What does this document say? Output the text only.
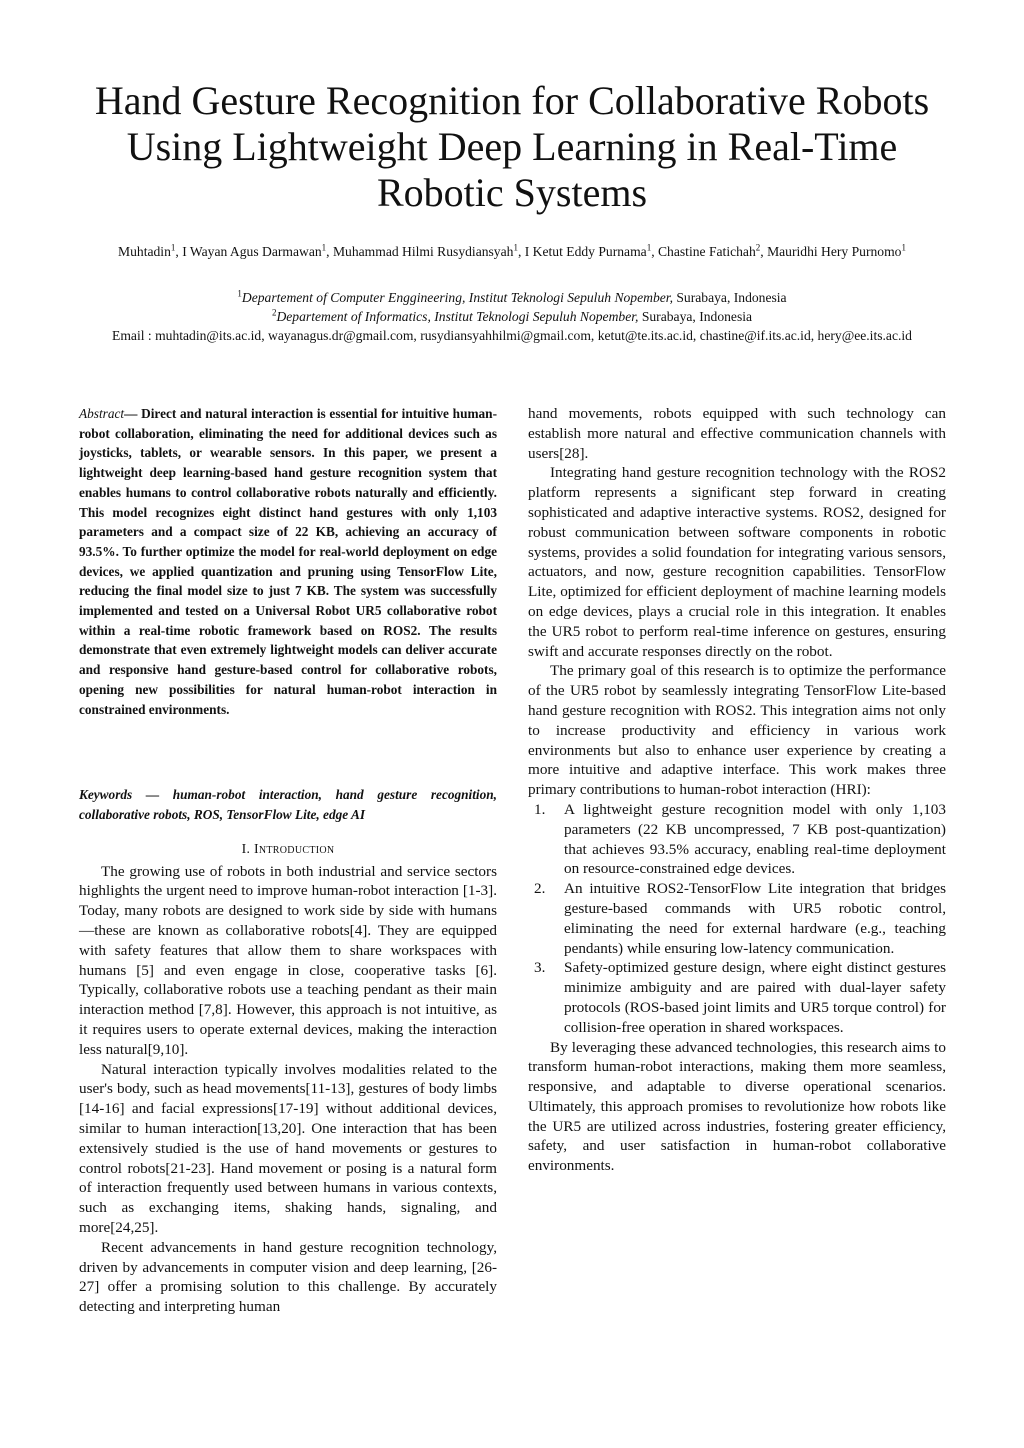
Hand Gesture Recognition for Collaborative Robots
Using Lightweight Deep Learning in Real-Time
Robotic Systems
Muhtadin$^1$, I Wayan Agus Darmawan$^1$, Muhammad Hilmi Rusydiansyah$^1$, I Ketut Eddy Purnama$^1$, Chastine Fatichah$^2$, Mauridhi Hery Purnomo$^1$
$^1$Departement of Computer Enggineering, Institut Teknologi Sepuluh Nopember, Surabaya, Indonesia
$^2$Departement of Informatics, Institut Teknologi Sepuluh Nopember, Surabaya, Indonesia
Email : muhtadin@its.ac.id, wayanagus.dr@gmail.com, rusydiansyahhilmi@gmail.com, ketut@te.its.ac.id, chastine@if.its.ac.id, hery@ee.its.ac.id

Abstract— Direct and natural interaction is essential for intuitive human-robot collaboration, eliminating the need for additional devices such as joysticks, tablets, or wearable sensors. In this paper, we present a lightweight deep learning-based hand gesture recognition system that enables humans to control collaborative robots naturally and efficiently. This model recognizes eight distinct hand gestures with only 1,103 parameters and a compact size of 22 KB, achieving an accuracy of 93.5%. To further optimize the model for real-world deployment on edge devices, we applied quantization and pruning using TensorFlow Lite, reducing the final model size to just 7 KB. The system was successfully implemented and tested on a Universal Robot UR5 collaborative robot within a real-time robotic framework based on ROS2. The results demonstrate that even extremely lightweight models can deliver accurate and responsive hand gesture-based control for collaborative robots, opening new possibilities for natural human-robot interaction in constrained environments.

Keywords — human-robot interaction, hand gesture recognition, collaborative robots, ROS, TensorFlow Lite, edge AI

I. Introduction

The growing use of robots in both industrial and service sectors highlights the urgent need to improve human-robot interaction [1-3]. Today, many robots are designed to work side by side with humans—these are known as collaborative robots[4]. They are equipped with safety features that allow them to share workspaces with humans [5] and even engage in close, cooperative tasks [6]. Typically, collaborative robots use a teaching pendant as their main interaction method [7,8]. However, this approach is not intuitive, as it requires users to operate external devices, making the interaction less natural[9,10].

Natural interaction typically involves modalities related to the user's body, such as head movements[11-13], gestures of body limbs [14-16] and facial expressions[17-19] without additional devices, similar to human interaction[13,20]. One interaction that has been extensively studied is the use of hand movements or gestures to control robots[21-23]. Hand movement or posing is a natural form of interaction frequently used between humans in various contexts, such as exchanging items, shaking hands, signaling, and more[24,25].

Recent advancements in hand gesture recognition technology, driven by advancements in computer vision and deep learning, [26-27] offer a promising solution to this challenge. By accurately detecting and interpreting human

hand movements, robots equipped with such technology can establish more natural and effective communication channels with users[28].

Integrating hand gesture recognition technology with the ROS2 platform represents a significant step forward in creating sophisticated and adaptive interactive systems. ROS2, designed for robust communication between software components in robotic systems, provides a solid foundation for integrating various sensors, actuators, and now, gesture recognition capabilities. TensorFlow Lite, optimized for efficient deployment of machine learning models on edge devices, plays a crucial role in this integration. It enables the UR5 robot to perform real-time inference on gestures, ensuring swift and accurate responses directly on the robot.

The primary goal of this research is to optimize the performance of the UR5 robot by seamlessly integrating TensorFlow Lite-based hand gesture recognition with ROS2. This integration aims not only to increase productivity and efficiency in various work environments but also to enhance user experience by creating a more intuitive and adaptive interface. This work makes three primary contributions to human-robot interaction (HRI):

1. A lightweight gesture recognition model with only 1,103 parameters (22 KB uncompressed, 7 KB post-quantization) that achieves 93.5% accuracy, enabling real-time deployment on resource-constrained edge devices.
2. An intuitive ROS2-TensorFlow Lite integration that bridges gesture-based commands with UR5 robotic control, eliminating the need for external hardware (e.g., teaching pendants) while ensuring low-latency communication.
3. Safety-optimized gesture design, where eight distinct gestures minimize ambiguity and are paired with dual-layer safety protocols (ROS-based joint limits and UR5 torque control) for collision-free operation in shared workspaces.

By leveraging these advanced technologies, this research aims to transform human-robot interactions, making them more seamless, responsive, and adaptable to diverse operational scenarios. Ultimately, this approach promises to revolutionize how robots like the UR5 are utilized across industries, fostering greater efficiency, safety, and user satisfaction in human-robot collaborative environments.
